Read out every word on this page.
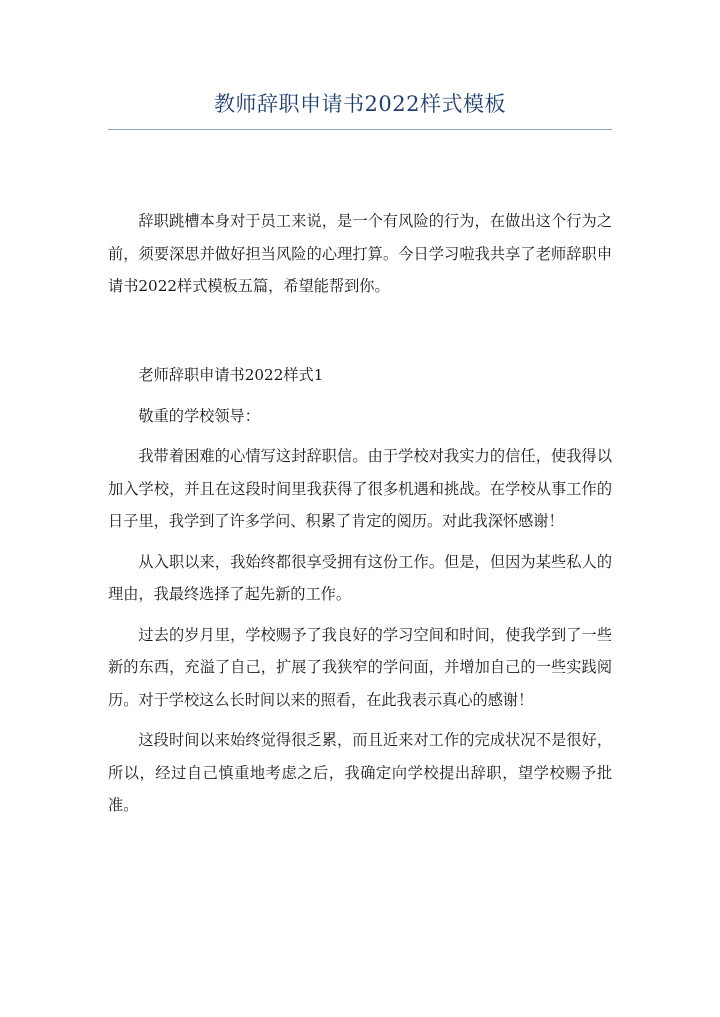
教师辞职申请书2022样式模板

辞职跳槽本身对于员工来说，是一个有风险的行为，在做出这个行为之前，须要深思并做好担当风险的心理打算。今日学习啦我共享了老师辞职申请书2022样式模板五篇，希望能帮到你。

老师辞职申请书2022样式1

敬重的学校领导：

我带着困难的心情写这封辞职信。由于学校对我实力的信任，使我得以加入学校，并且在这段时间里我获得了很多机遇和挑战。在学校从事工作的日子里，我学到了许多学问、积累了肯定的阅历。对此我深怀感谢！

从入职以来，我始终都很享受拥有这份工作。但是，但因为某些私人的理由，我最终选择了起先新的工作。

过去的岁月里，学校赐予了我良好的学习空间和时间，使我学到了一些新的东西，充溢了自己，扩展了我狭窄的学问面，并增加自己的一些实践阅历。对于学校这么长时间以来的照看，在此我表示真心的感谢！

这段时间以来始终觉得很乏累，而且近来对工作的完成状况不是很好，所以，经过自己慎重地考虑之后，我确定向学校提出辞职，望学校赐予批准。
